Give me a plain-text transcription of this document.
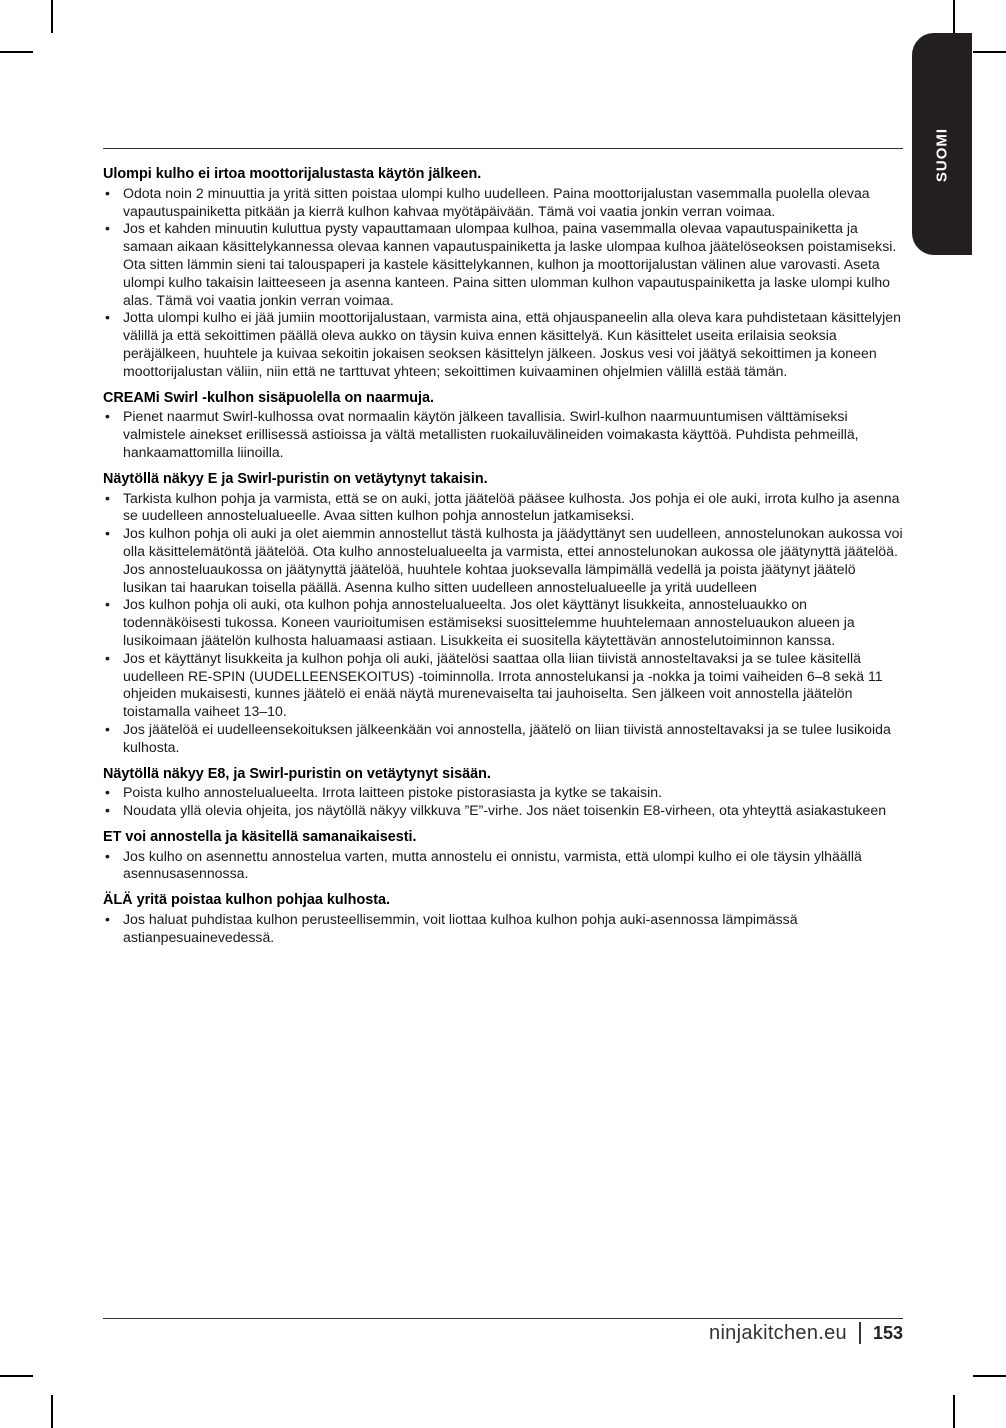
SUOMI
Ulompi kulho ei irtoa moottorijalustasta käytön jälkeen.
• Odota noin 2 minuuttia ja yritä sitten poistaa ulompi kulho uudelleen. Paina moottorijalustan vasemmalla puolella olevaa vapautuspainiketta pitkään ja kierrä kulhon kahvaa myötäpäivään. Tämä voi vaatia jonkin verran voimaa.
• Jos et kahden minuutin kuluttua pysty vapauttamaan ulompaa kulhoa, paina vasemmalla olevaa vapautuspainiketta ja samaan aikaan käsittelykannessa olevaa kannen vapautuspainiketta ja laske ulompaa kulhoa jäätelöseoksen poistamiseksi. Ota sitten lämmin sieni tai talouspaperi ja kastele käsittelykannen, kulhon ja moottorijalustan välinen alue varovasti. Aseta ulompi kulho takaisin laitteeseen ja asenna kanteen. Paina sitten ulomman kulhon vapautuspainiketta ja laske ulompi kulho alas. Tämä voi vaatia jonkin verran voimaa.
• Jotta ulompi kulho ei jää jumiin moottorijalustaan, varmista aina, että ohjauspaneelin alla oleva kara puhdistetaan käsittelyjen välillä ja että sekoittimen päällä oleva aukko on täysin kuiva ennen käsittelyä. Kun käsittelet useita erilaisia seoksia peräjälkeen, huuhtele ja kuivaa sekoitin jokaisen seoksen käsittelyn jälkeen. Joskus vesi voi jäätyä sekoittimen ja koneen moottorijalustan väliin, niin että ne tarttuvat yhteen; sekoittimen kuivaaminen ohjelmien välillä estää tämän.
CREAMi Swirl -kulhon sisäpuolella on naarmuja.
• Pienet naarmut Swirl-kulhossa ovat normaalin käytön jälkeen tavallisia. Swirl-kulhon naarmuuntumisen välttämiseksi valmistele ainekset erillisessä astioissa ja vältä metallisten ruokailuvälineiden voimakasta käyttöä. Puhdista pehmeillä, hankaamattomilla liinoilla.
Näytöllä näkyy E ja Swirl-puristin on vetäytynyt takaisin.
• Tarkista kulhon pohja ja varmista, että se on auki, jotta jäätelöä pääsee kulhosta. Jos pohja ei ole auki, irrota kulho ja asenna se uudelleen annostelualueelle. Avaa sitten kulhon pohja annostelun jatkamiseksi.
• Jos kulhon pohja oli auki ja olet aiemmin annostellut tästä kulhosta ja jäädyttänyt sen uudelleen, annostelunokan aukossa voi olla käsittelemätöntä jäätelöä. Ota kulho annostelualueelta ja varmista, ettei annostelunokan aukossa ole jäätynyttä jäätelöä. Jos annosteluaukossa on jäätynyttä jäätelöä, huuhtele kohtaa juoksevalla lämpimällä vedellä ja poista jäätynyt jäätelö lusikan tai haarukan toisella päällä. Asenna kulho sitten uudelleen annostelualueelle ja yritä uudelleen
• Jos kulhon pohja oli auki, ota kulhon pohja annostelualueelta. Jos olet käyttänyt lisukkeita, annosteluaukko on todennäköisesti tukossa. Koneen vaurioitumisen estämiseksi suosittelemme huuhtelemaan annosteluaukon alueen ja lusikoimaan jäätelön kulhosta haluamaasi astiaan. Lisukkeita ei suositella käytettävän annostelutoiminnon kanssa.
• Jos et käyttänyt lisukkeita ja kulhon pohja oli auki, jäätelösi saattaa olla liian tiivistä annosteltavaksi ja se tulee käsitellä uudelleen RE-SPIN (UUDELLEENSEKOITUS) -toiminnolla. Irrota annostelukansi ja -nokka ja toimi vaiheiden 6–8 sekä 11 ohjeiden mukaisesti, kunnes jäätelö ei enää näytä murenevaiselta tai jauhoiselta. Sen jälkeen voit annostella jäätelön toistamalla vaiheet 13–10.
• Jos jäätelöä ei uudelleensekoituksen jälkeenkään voi annostella, jäätelö on liian tiivistä annosteltavaksi ja se tulee lusikoida kulhosta.
Näytöllä näkyy E8, ja Swirl-puristin on vetäytynyt sisään.
• Poista kulho annostelualueelta. Irrota laitteen pistoke pistorasiasta ja kytke se takaisin.
• Noudata yllä olevia ohjeita, jos näytöllä näkyy vilkkuva ”E”-virhe. Jos näet toisenkin E8-virheen, ota yhteyttä asiakastukeen
ET voi annostella ja käsitellä samanaikaisesti.
• Jos kulho on asennettu annostelua varten, mutta annostelu ei onnistu, varmista, että ulompi kulho ei ole täysin ylhäällä asennusasennossa.
ÄLÄ yritä poistaa kulhon pohjaa kulhosta.
• Jos haluat puhdistaa kulhon perusteellisemmin, voit liottaa kulhoa kulhon pohja auki-asennossa lämpimässä astianpesuainevedessä.
ninjakitchen.eu 153
